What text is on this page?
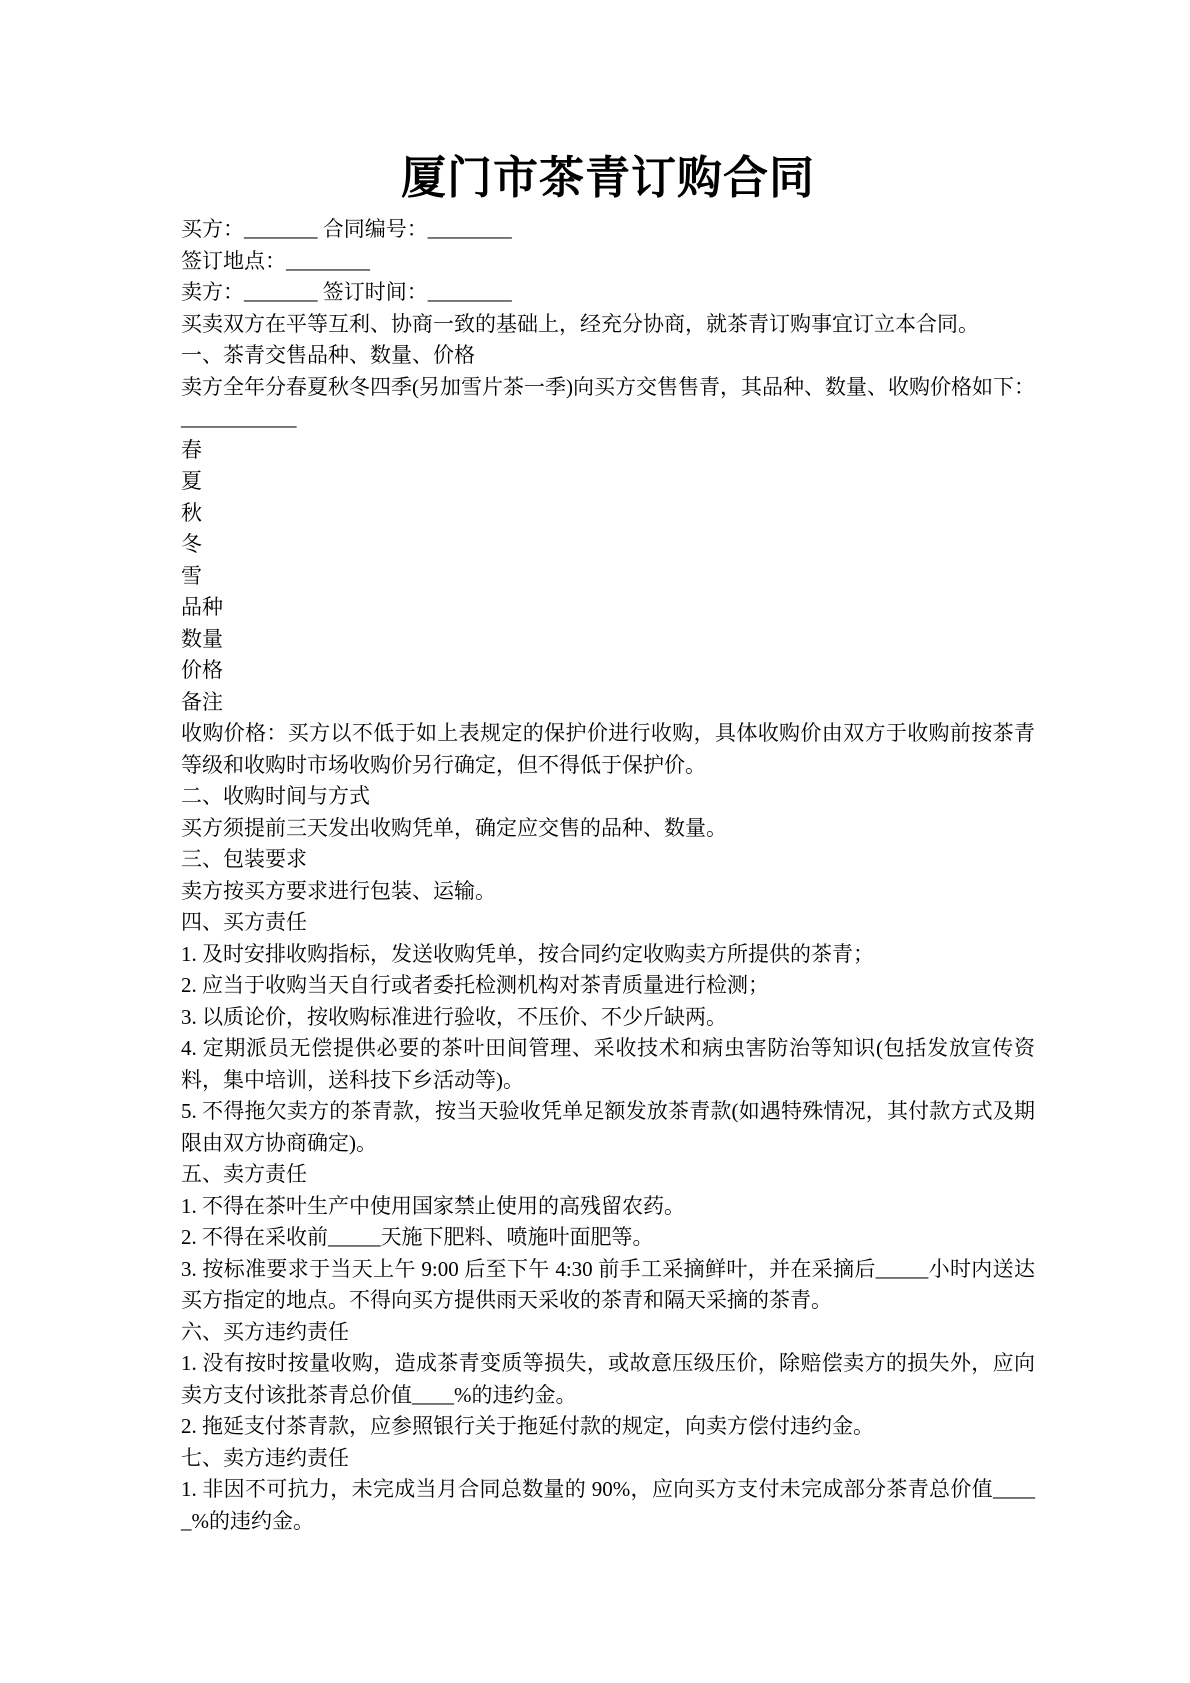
厦门市茶青订购合同

买方：_______ 合同编号：________

签订地点：________

卖方：_______ 签订时间：________

买卖双方在平等互利、协商一致的基础上，经充分协商，就茶青订购事宜订立本合同。

一、茶青交售品种、数量、价格

卖方全年分春夏秋冬四季(另加雪片茶一季)向买方交售售青，其品种、数量、收购价格如下：___________

春

夏

秋

冬

雪

品种

数量

价格

备注

收购价格：买方以不低于如上表规定的保护价进行收购，具体收购价由双方于收购前按茶青等级和收购时市场收购价另行确定，但不得低于保护价。

二、收购时间与方式

买方须提前三天发出收购凭单，确定应交售的品种、数量。

三、包装要求

卖方按买方要求进行包装、运输。

四、买方责任

1. 及时安排收购指标，发送收购凭单，按合同约定收购卖方所提供的茶青；

2. 应当于收购当天自行或者委托检测机构对茶青质量进行检测；

3. 以质论价，按收购标准进行验收，不压价、不少斤缺两。

4. 定期派员无偿提供必要的茶叶田间管理、采收技术和病虫害防治等知识(包括发放宣传资料，集中培训，送科技下乡活动等)。

5. 不得拖欠卖方的茶青款，按当天验收凭单足额发放茶青款(如遇特殊情况，其付款方式及期限由双方协商确定)。

五、卖方责任

1. 不得在茶叶生产中使用国家禁止使用的高残留农药。

2. 不得在采收前_____天施下肥料、喷施叶面肥等。

3. 按标准要求于当天上午 9:00 后至下午 4:30 前手工采摘鲜叶，并在采摘后_____小时内送达买方指定的地点。不得向买方提供雨天采收的茶青和隔天采摘的茶青。

六、买方违约责任

1. 没有按时按量收购，造成茶青变质等损失，或故意压级压价，除赔偿卖方的损失外，应向卖方支付该批茶青总价值____%的违约金。

2. 拖延支付茶青款，应参照银行关于拖延付款的规定，向卖方偿付违约金。

七、卖方违约责任

1. 非因不可抗力，未完成当月合同总数量的 90%，应向买方支付未完成部分茶青总价值_____%的违约金。
